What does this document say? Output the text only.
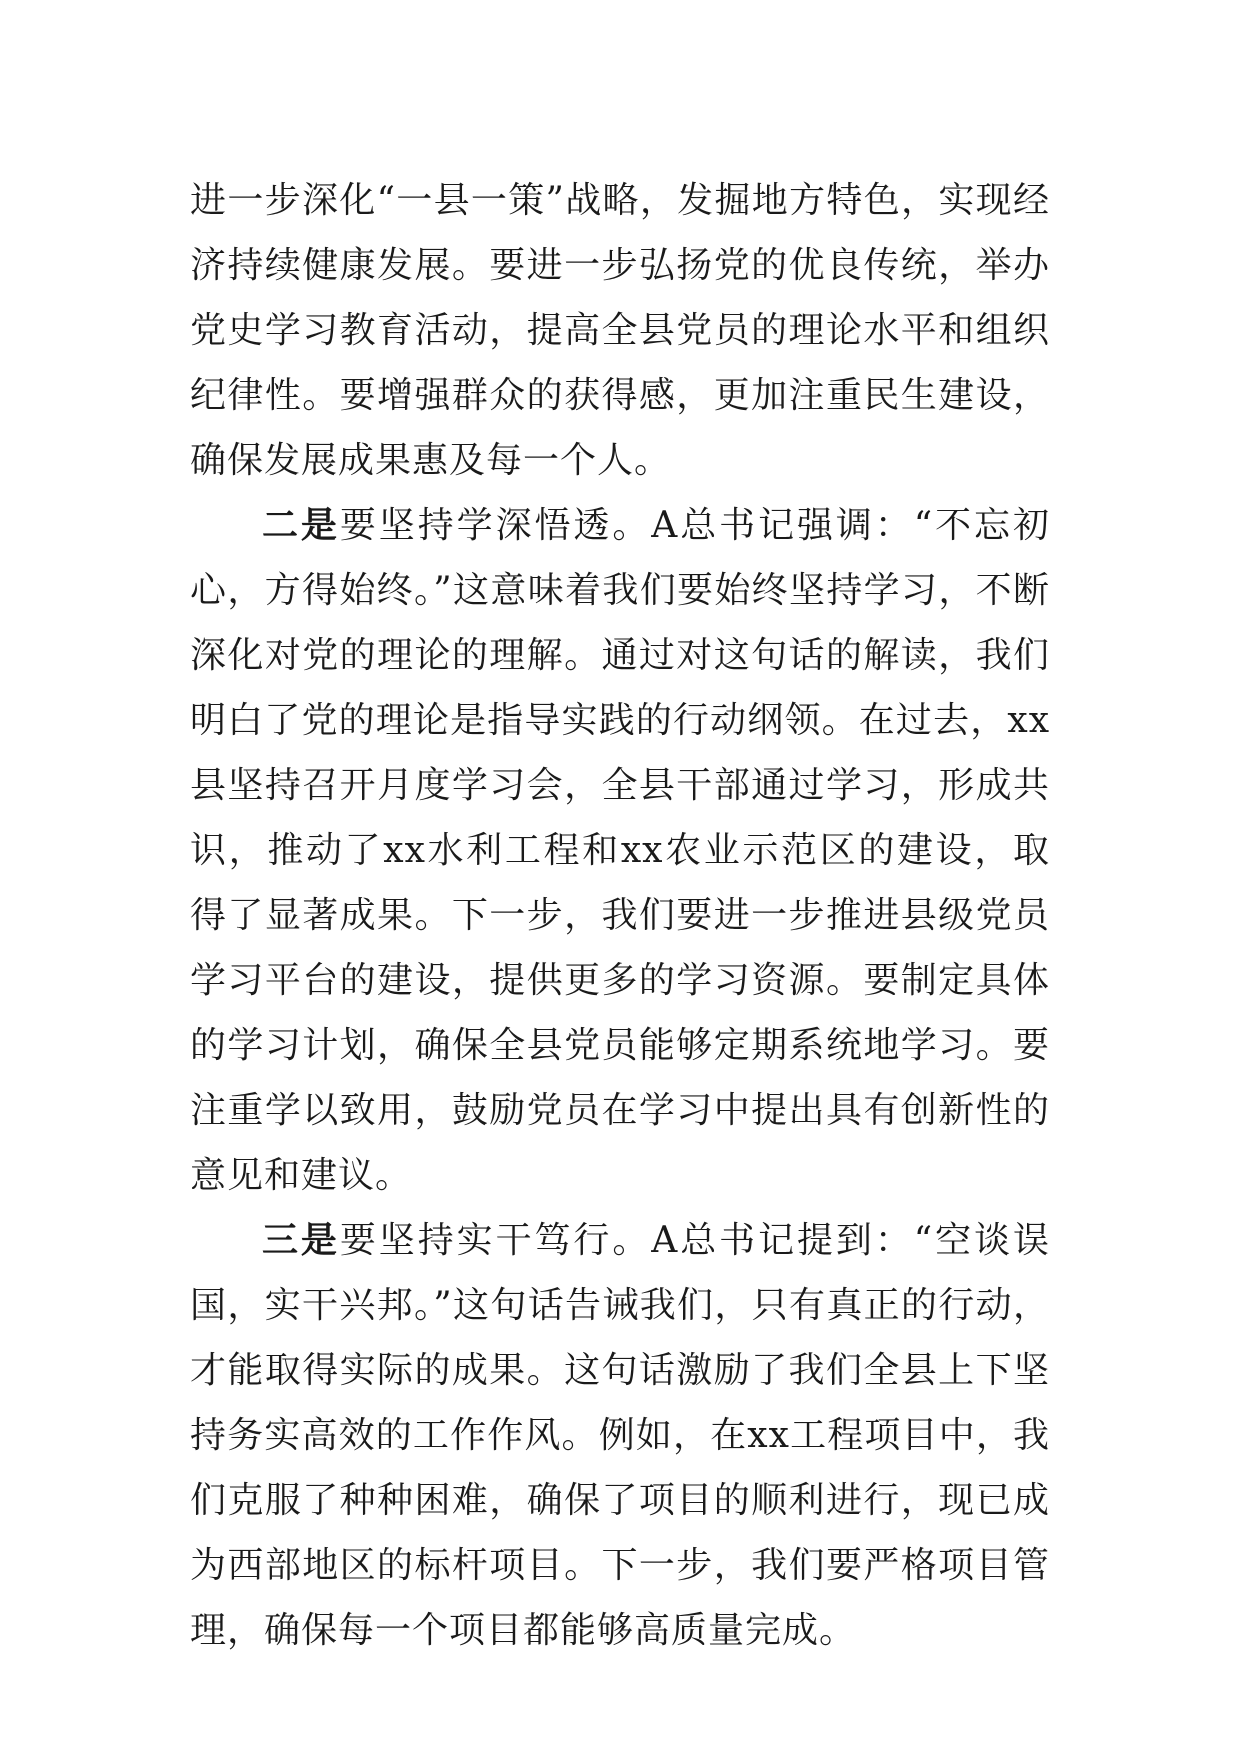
进一步深化“一县一策”战略，发掘地方特色，实现经济持续健康发展。要进一步弘扬党的优良传统，举办党史学习教育活动，提高全县党员的理论水平和组织纪律性。要增强群众的获得感，更加注重民生建设，确保发展成果惠及每一个人。

二是要坚持学深悟透。A总书记强调：“不忘初心，方得始终。”这意味着我们要始终坚持学习，不断深化对党的理论的理解。通过对这句话的解读，我们明白了党的理论是指导实践的行动纲领。在过去，xx县坚持召开月度学习会，全县干部通过学习，形成共识，推动了xx水利工程和xx农业示范区的建设，取得了显著成果。下一步，我们要进一步推进县级党员学习平台的建设，提供更多的学习资源。要制定具体的学习计划，确保全县党员能够定期系统地学习。要注重学以致用，鼓励党员在学习中提出具有创新性的意见和建议。

三是要坚持实干笃行。A总书记提到：“空谈误国，实干兴邦。”这句话告诫我们，只有真正的行动，才能取得实际的成果。这句话激励了我们全县上下坚持务实高效的工作作风。例如，在xx工程项目中，我们克服了种种困难，确保了项目的顺利进行，现已成为西部地区的标杆项目。下一步，我们要严格项目管理，确保每一个项目都能够高质量完成。
